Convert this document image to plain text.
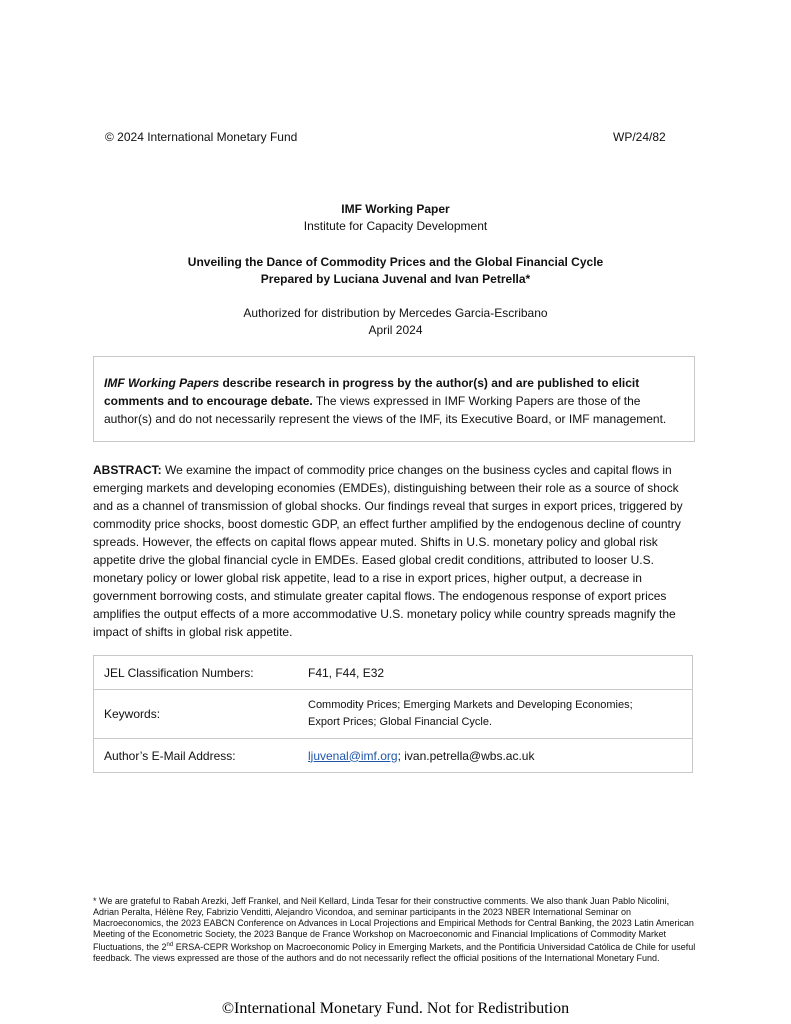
© 2024 International Monetary Fund	WP/24/82
IMF Working Paper
Institute for Capacity Development
Unveiling the Dance of Commodity Prices and the Global Financial Cycle
Prepared by Luciana Juvenal and Ivan Petrella*
Authorized for distribution by Mercedes Garcia-Escribano
April 2024
IMF Working Papers describe research in progress by the author(s) and are published to elicit comments and to encourage debate. The views expressed in IMF Working Papers are those of the author(s) and do not necessarily represent the views of the IMF, its Executive Board, or IMF management.
ABSTRACT: We examine the impact of commodity price changes on the business cycles and capital flows in emerging markets and developing economies (EMDEs), distinguishing between their role as a source of shock and as a channel of transmission of global shocks. Our findings reveal that surges in export prices, triggered by commodity price shocks, boost domestic GDP, an effect further amplified by the endogenous decline of country spreads. However, the effects on capital flows appear muted. Shifts in U.S. monetary policy and global risk appetite drive the global financial cycle in EMDEs. Eased global credit conditions, attributed to looser U.S. monetary policy or lower global risk appetite, lead to a rise in export prices, higher output, a decrease in government borrowing costs, and stimulate greater capital flows. The endogenous response of export prices amplifies the output effects of a more accommodative U.S. monetary policy while country spreads magnify the impact of shifts in global risk appetite.
JEL Classification Numbers:	F41, F44, E32
Keywords:	Commodity Prices; Emerging Markets and Developing Economies;
Export Prices; Global Financial Cycle.

Author’s E-Mail Address:	ljuvenal@imf.org; ivan.petrella@wbs.ac.uk
* We are grateful to Rabah Arezki, Jeff Frankel, and Neil Kellard, Linda Tesar for their constructive comments. We also thank Juan Pablo Nicolini, Adrian Peralta, Hélène Rey, Fabrizio Venditti, Alejandro Vicondoa, and seminar participants in the 2023 NBER International Seminar on Macroeconomics, the 2023 EABCN Conference on Advances in Local Projections and Empirical Methods for Central Banking, the 2023 Latin American Meeting of the Econometric Society, the 2023 Banque de France Workshop on Macroeconomic and Financial Implications of Commodity Market Fluctuations, the 2nd ERSA-CEPR Workshop on Macroeconomic Policy in Emerging Markets, and the Pontificia Universidad Católica de Chile for useful feedback. The views expressed are those of the authors and do not necessarily reflect the official positions of the International Monetary Fund.
©International Monetary Fund. Not for Redistribution
